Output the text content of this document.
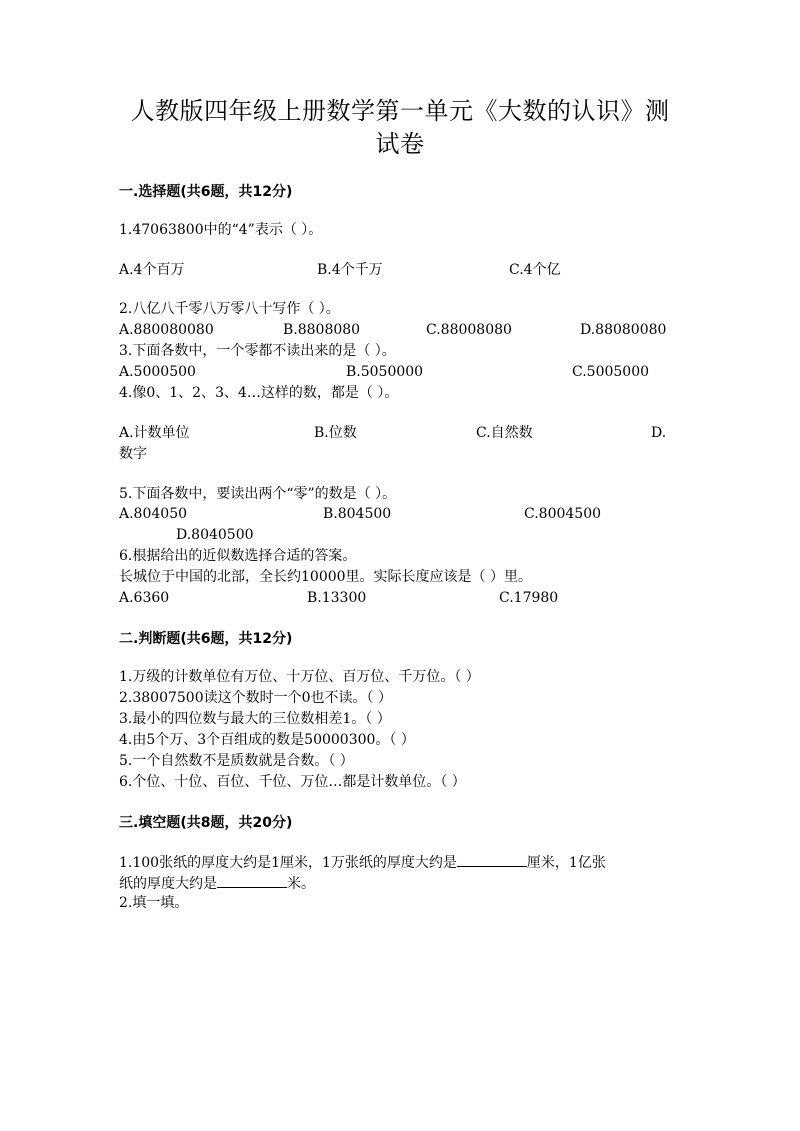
人教版四年级上册数学第一单元《大数的认识》测
试卷
一.选择题(共6题，共12分)
1.47063800中的“4”表示（ ）。
A.4个百万	B.4个千万	C.4个亿
2.八亿八千零八万零八十写作（ ）。
A.880080080	B.8808080	C.88008080	D.88080080
3.下面各数中，一个零都不读出来的是（ ）。
A.5000500	B.5050000	C.5005000
4.像0、1、2、3、4…这样的数，都是（ ）。
A.计数单位	B.位数	C.自然数	D.
数字
5.下面各数中，要读出两个“零”的数是（ ）。
A.804050	B.804500	C.8004500
D.8040500
6.根据给出的近似数选择合适的答案。
长城位于中国的北部，全长约10000里。实际长度应该是（ ）里。
A.6360	B.13300	C.17980
二.判断题(共6题，共12分)
1.万级的计数单位有万位、十万位、百万位、千万位。（ ）
2.38007500读这个数时一个0也不读。（ ）
3.最小的四位数与最大的三位数相差1。（ ）
4.由5个万、3个百组成的数是50000300。（ ）
5.一个自然数不是质数就是合数。（ ）
6.个位、十位、百位、千位、万位…都是计数单位。（ ）
三.填空题(共8题，共20分)
1.100张纸的厚度大约是1厘米，1万张纸的厚度大约是	厘米，1亿张
纸的厚度大约是	米。
2.填一填。
